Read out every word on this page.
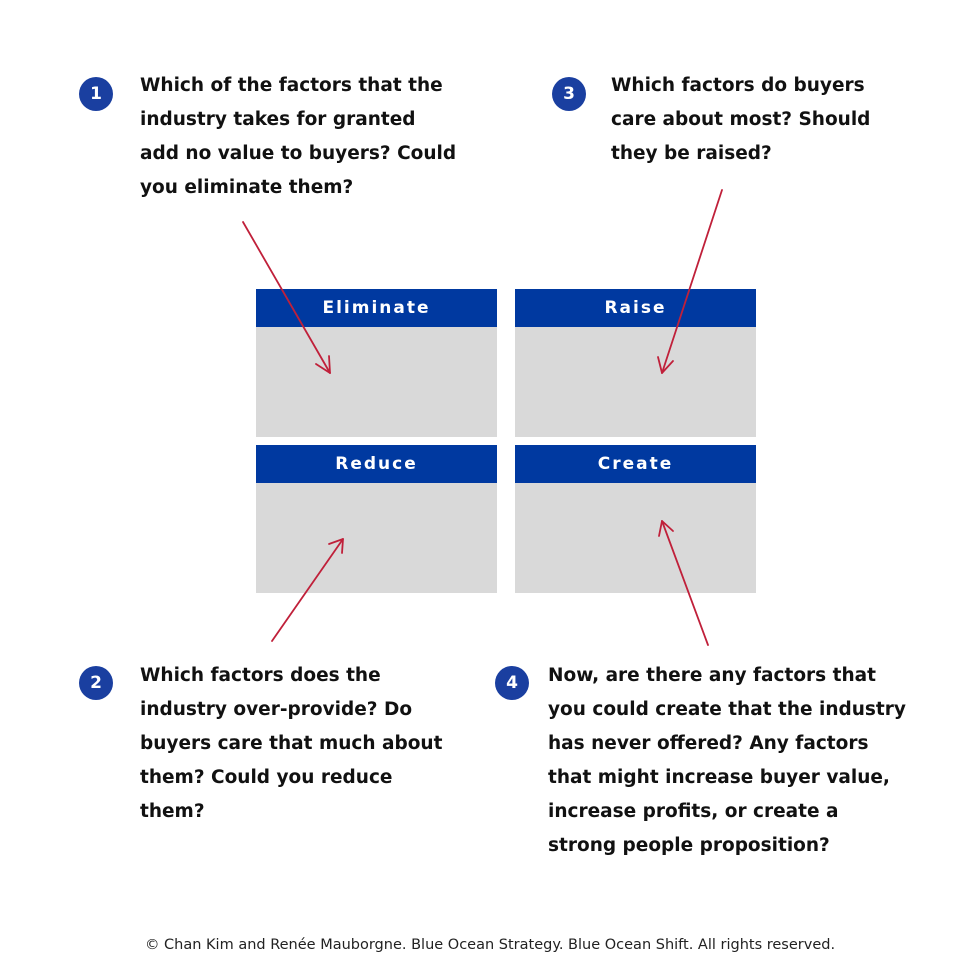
1	Which of the factors that the industry takes for granted add no value to buyers? Could you eliminate them?
3	Which factors do buyers care about most? Should they be raised?
Eliminate	Raise
Reduce	Create
2	Which factors does the industry over-provide? Do buyers care that much about them? Could you reduce them?
4	Now, are there any factors that you could create that the industry has never offered? Any factors that might increase buyer value, increase profits, or create a strong people proposition?
© Chan Kim and Renée Mauborgne. Blue Ocean Strategy. Blue Ocean Shift. All rights reserved.
